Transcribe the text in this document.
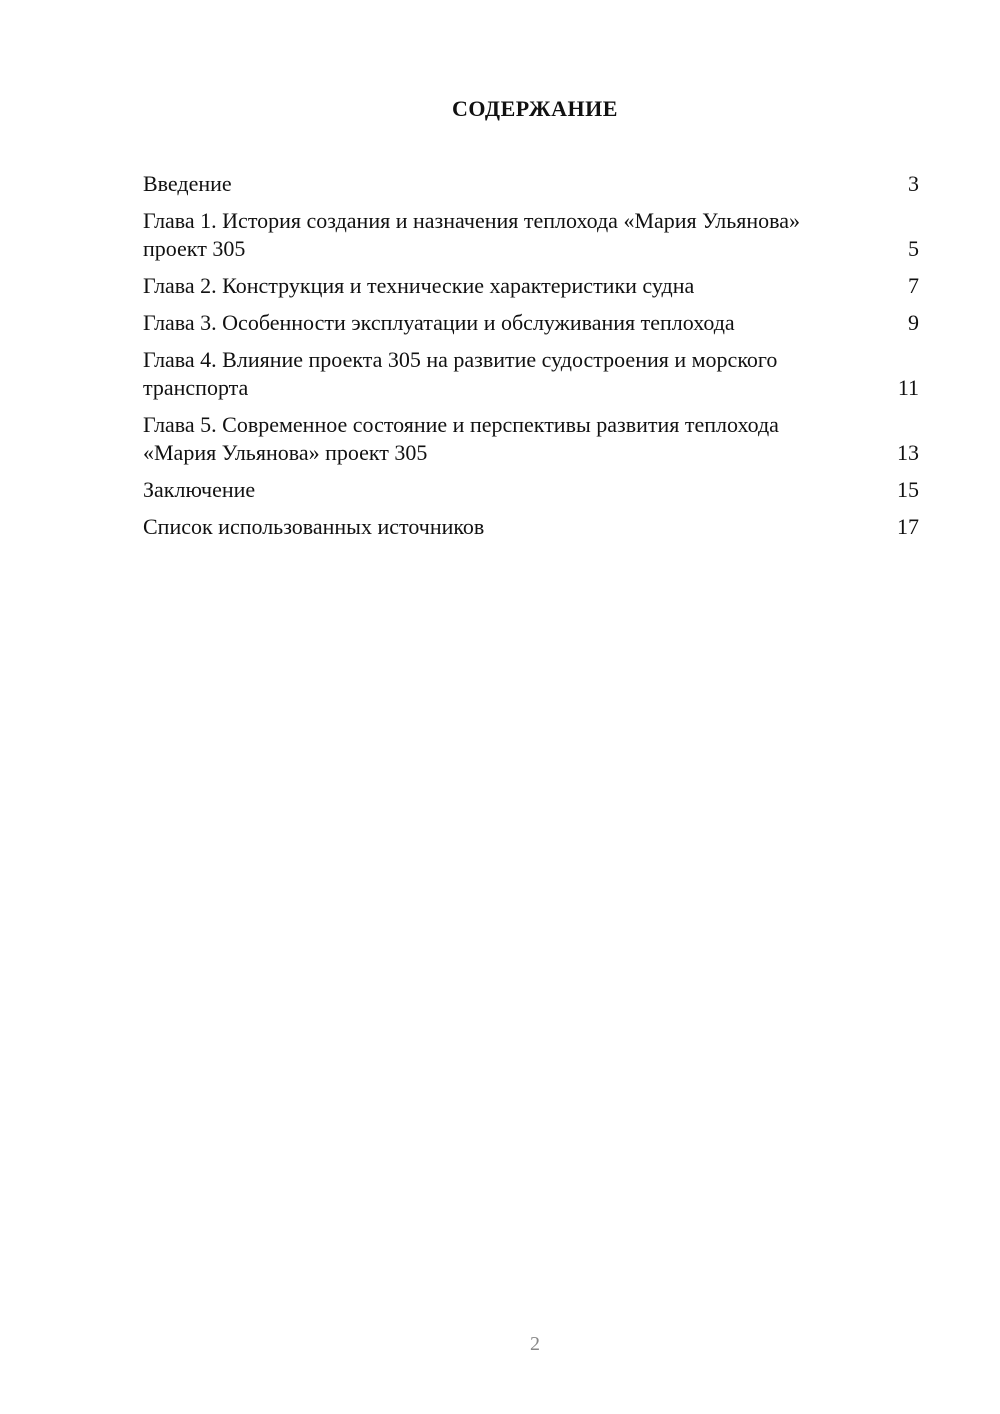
СОДЕРЖАНИЕ
Введение	3
Глава 1. История создания и назначения теплохода «Мария Ульянова» проект 305	5
Глава 2. Конструкция и технические характеристики судна	7
Глава 3. Особенности эксплуатации и обслуживания теплохода	9
Глава 4. Влияние проекта 305 на развитие судостроения и морского транспорта	11
Глава 5. Современное состояние и перспективы развития теплохода «Мария Ульянова» проект 305	13
Заключение	15
Список использованных источников	17
2
